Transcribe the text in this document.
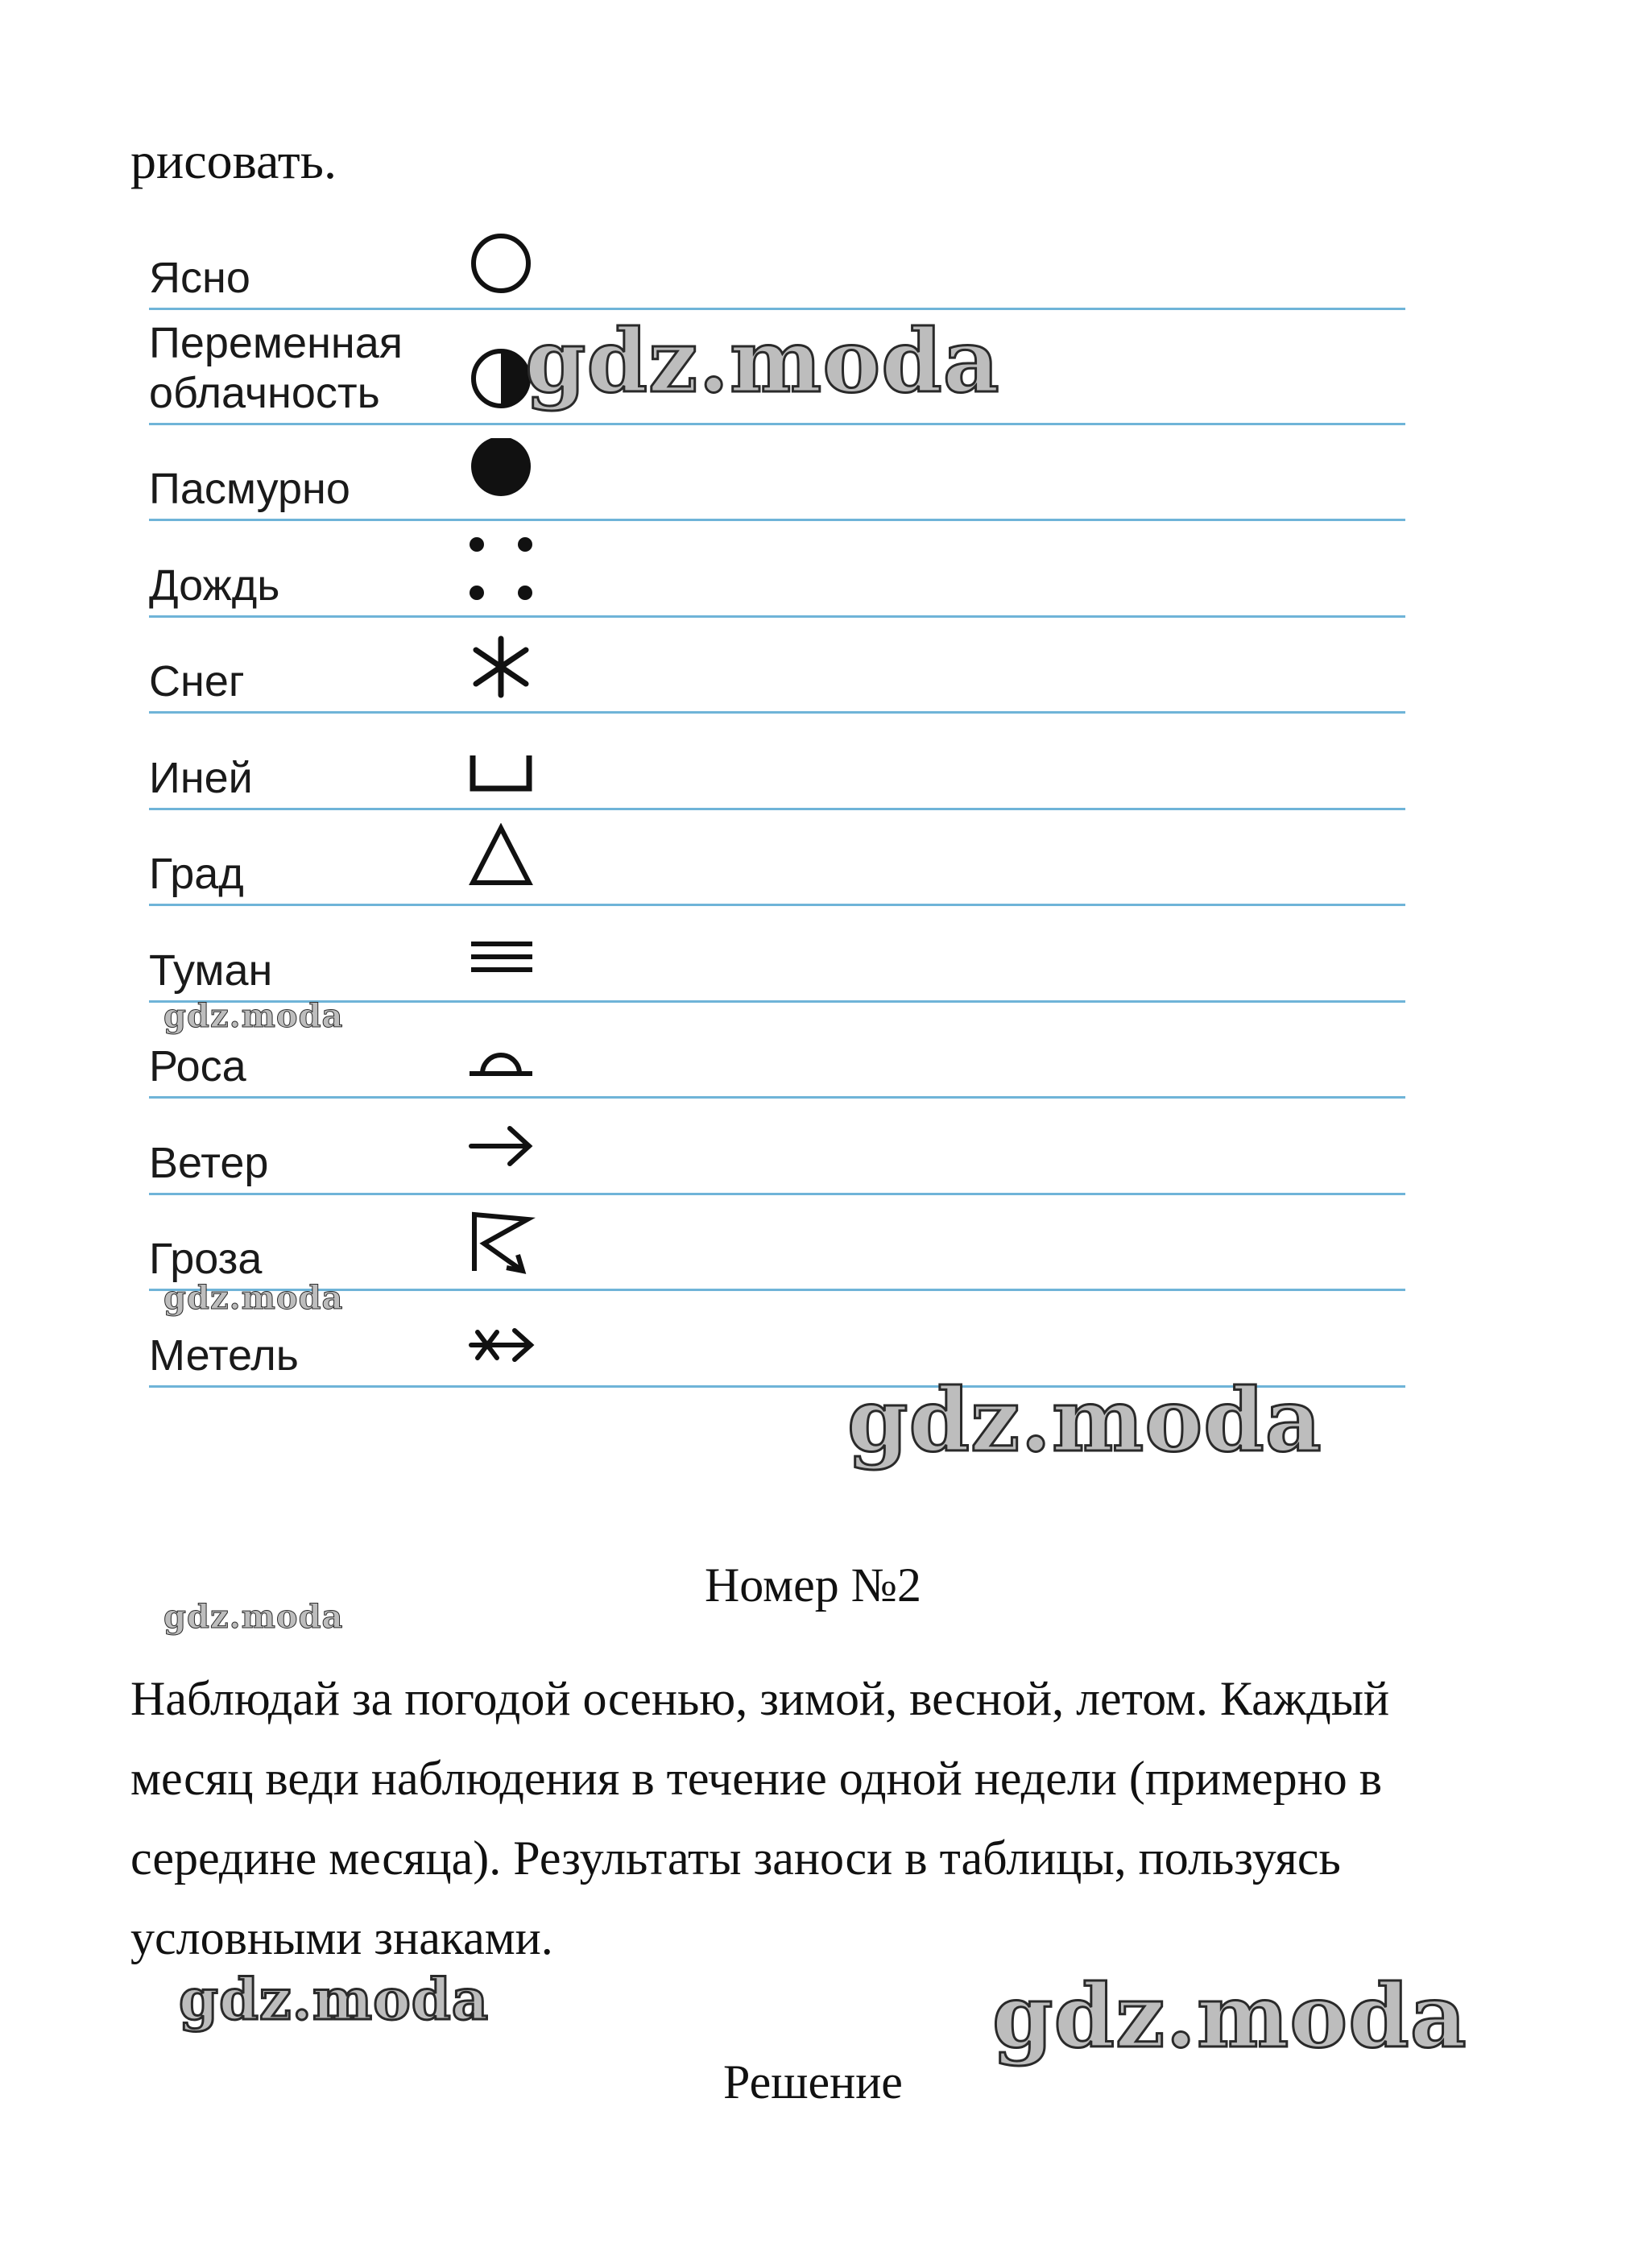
рисовать.
Ясно
Переменная
облачность
Пасмурно
Дождь
Снег
Иней
Град
Туман
Роса
Ветер
Гроза
Метель
Номер №2
Наблюдай за погодой осенью, зимой, весной, летом. Каждый месяц веди наблюдения в течение одной недели (примерно в середине месяца). Результаты заноси в таблицы, пользуясь условными знаками.
Решение
gdz.moda
gdz.moda
gdz.moda
gdz.moda
gdz.moda
gdz.moda	gdz.moda
